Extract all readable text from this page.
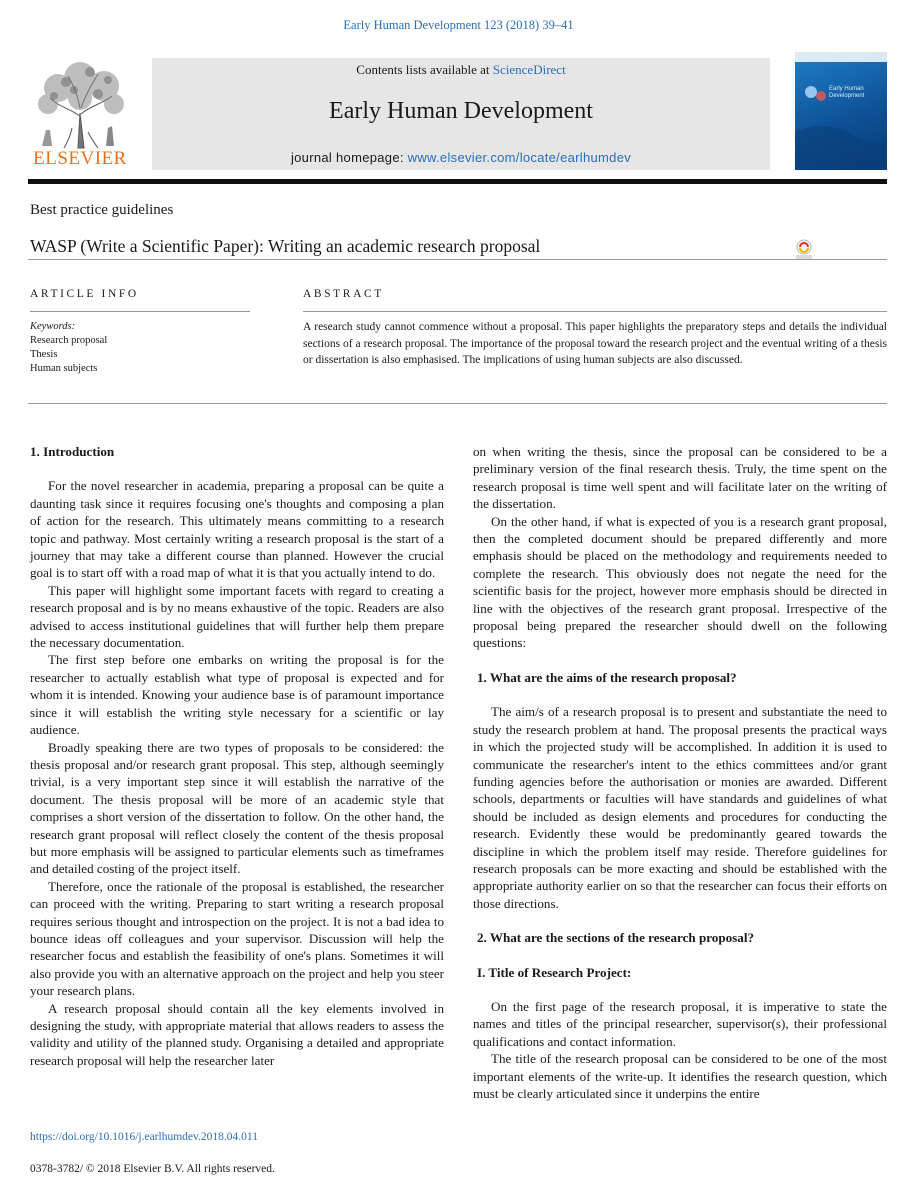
Early Human Development 123 (2018) 39–41
ELSEVIER
Contents lists available at ScienceDirect
Early Human Development
journal homepage: www.elsevier.com/locate/earlhumdev
Early Human Development
Best practice guidelines
WASP (Write a Scientific Paper): Writing an academic research proposal
ARTICLE INFO	ABSTRACT
Keywords:
Research proposal
Thesis
Human subjects
A research study cannot commence without a proposal. This paper highlights the preparatory steps and details the individual sections of a research proposal. The importance of the proposal toward the research project and the eventual writing of a thesis or dissertation is also emphasised. The implications of using human subjects are also discussed.
1. Introduction

For the novel researcher in academia, preparing a proposal can be quite a daunting task since it requires focusing one's thoughts and composing a plan of action for the research. This ultimately means committing to a research topic and pathway. Most certainly writing a research proposal is the start of a journey that may take a different course than planned. However the crucial goal is to start off with a road map of what it is that you actually intend to do.

This paper will highlight some important facets with regard to creating a research proposal and is by no means exhaustive of the topic. Readers are also advised to access institutional guidelines that will further help them prepare the necessary documentation.

The first step before one embarks on writing the proposal is for the researcher to actually establish what type of proposal is expected and for whom it is intended. Knowing your audience base is of paramount importance since it will establish the writing style necessary for a scientific or lay audience.

Broadly speaking there are two types of proposals to be considered: the thesis proposal and/or research grant proposal. This step, although seemingly trivial, is a very important step since it will establish the narrative of the document. The thesis proposal will be more of an academic style that comprises a short version of the dissertation to follow. On the other hand, the research grant proposal will reflect closely the content of the thesis proposal but more emphasis will be assigned to particular elements such as timeframes and detailed costing of the project itself.

Therefore, once the rationale of the proposal is established, the researcher can proceed with the writing. Preparing to start writing a research proposal requires serious thought and introspection on the project. It is not a bad idea to bounce ideas off colleagues and your supervisor. Discussion will help the researcher focus and establish the feasibility of one's plans. Sometimes it will also provide you with an alternative approach on the project and help you steer your research plans.

A research proposal should contain all the key elements involved in designing the study, with appropriate material that allows readers to assess the validity and utility of the planned study. Organising a detailed and appropriate research proposal will help the researcher later

on when writing the thesis, since the proposal can be considered to be a preliminary version of the final research thesis. Truly, the time spent on the research proposal is time well spent and will facilitate later on the writing of the dissertation.

On the other hand, if what is expected of you is a research grant proposal, then the completed document should be prepared differently and more emphasis should be placed on the methodology and requirements needed to complete the research. This obviously does not negate the need for the scientific basis for the project, however more emphasis should be directed in line with the objectives of the research grant proposal. Irrespective of the proposal being prepared the researcher should dwell on the following questions:

1. What are the aims of the research proposal?

The aim/s of a research proposal is to present and substantiate the need to study the research problem at hand. The proposal presents the practical ways in which the projected study will be accomplished. In addition it is used to communicate the researcher's intent to the ethics committees and/or grant funding agencies before the authorisation or monies are awarded. Different schools, departments or faculties will have standards and guidelines of what should be included as design elements and procedures for conducting the research. Evidently these would be predominantly geared towards the discipline in which the problem itself may reside. Therefore guidelines for research proposals can be more exacting and should be established with the appropriate authority earlier on so that the researcher can focus their efforts on those directions.

2. What are the sections of the research proposal?
I. Title of Research Project:

On the first page of the research proposal, it is imperative to state the names and titles of the principal researcher, supervisor(s), their professional qualifications and contact information.

The title of the research proposal can be considered to be one of the most important elements of the write-up. It identifies the research question, which must be clearly articulated since it underpins the entire

https://doi.org/10.1016/j.earlhumdev.2018.04.011
0378-3782/ © 2018 Elsevier B.V. All rights reserved.
